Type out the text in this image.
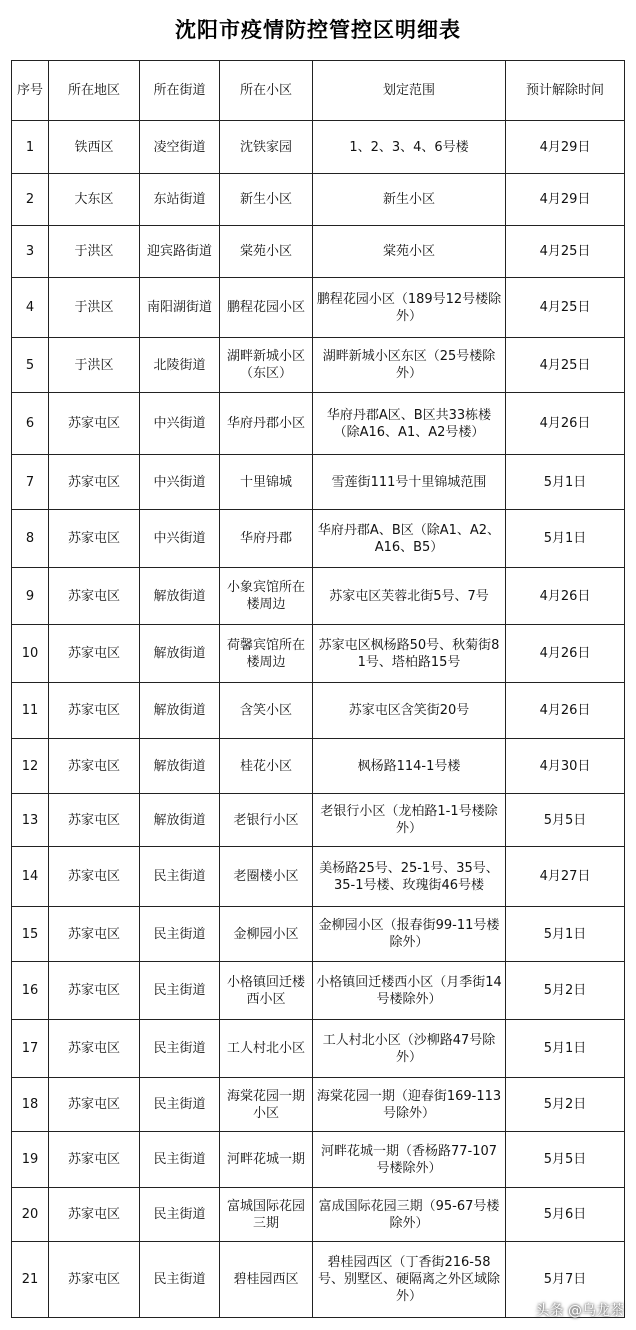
沈阳市疫情防控管控区明细表
序号	所在地区	所在街道	所在小区	划定范围	预计解除时间
1	铁西区	凌空街道	沈铁家园	1、2、3、4、6号楼	4月29日
2	大东区	东站街道	新生小区	新生小区	4月29日
3	于洪区	迎宾路街道	棠苑小区	棠苑小区	4月25日
4	于洪区	南阳湖街道	鹏程花园小区	鹏程花园小区（189号12号楼除外）	4月25日
5	于洪区	北陵街道	湖畔新城小区（东区）	湖畔新城小区东区（25号楼除外）	4月25日
6	苏家屯区	中兴街道	华府丹郡小区	华府丹郡A区、B区共33栋楼（除A16、A1、A2号楼）	4月26日
7	苏家屯区	中兴街道	十里锦城	雪莲街111号十里锦城范围	5月1日
8	苏家屯区	中兴街道	华府丹郡	华府丹郡A、B区（除A1、A2、A16、B5）	5月1日
9	苏家屯区	解放街道	小象宾馆所在楼周边	苏家屯区芙蓉北街5号、7号	4月26日
10	苏家屯区	解放街道	荷馨宾馆所在楼周边	苏家屯区枫杨路50号、秋菊街81号、塔柏路15号	4月26日
11	苏家屯区	解放街道	含笑小区	苏家屯区含笑街20号	4月26日
12	苏家屯区	解放街道	桂花小区	枫杨路114-1号楼	4月30日
13	苏家屯区	解放街道	老银行小区	老银行小区（龙柏路1-1号楼除外）	5月5日
14	苏家屯区	民主街道	老圈楼小区	美杨路25号、25-1号、35号、35-1号楼、玫瑰街46号楼	4月27日
15	苏家屯区	民主街道	金柳园小区	金柳园小区（报春街99-11号楼除外）	5月1日
16	苏家屯区	民主街道	小格镇回迁楼西小区	小格镇回迁楼西小区（月季街14号楼除外）	5月2日
17	苏家屯区	民主街道	工人村北小区	工人村北小区（沙柳路47号除外）	5月1日
18	苏家屯区	民主街道	海棠花园一期小区	海棠花园一期（迎春街169-113号除外）	5月2日
19	苏家屯区	民主街道	河畔花城一期	河畔花城一期（香杨路77-107号楼除外）	5月5日
20	苏家屯区	民主街道	富城国际花园三期	富成国际花园三期（95-67号楼除外）	5月6日
21	苏家屯区	民主街道	碧桂园西区	碧桂园西区（丁香街216-58号、别墅区、硬隔离之外区域除外）	5月7日
头条 @乌龙茶
